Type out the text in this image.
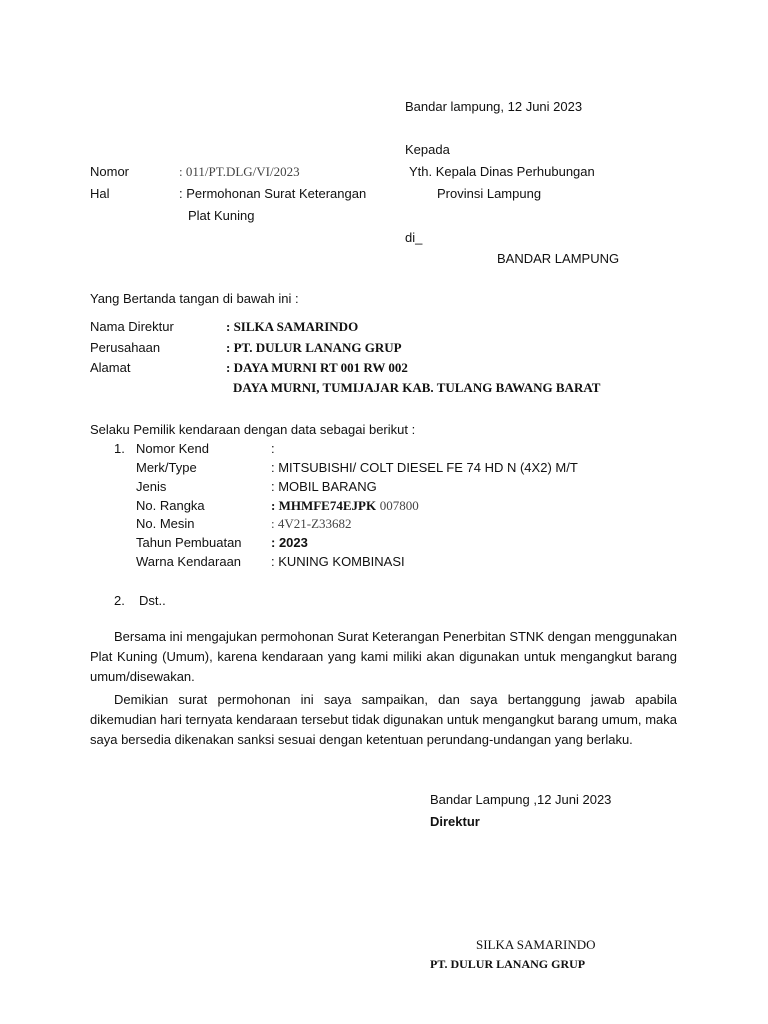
Bandar lampung, 12 Juni 2023
Kepada
Yth. Kepala Dinas Perhubungan
Provinsi Lampung
di_
BANDAR LAMPUNG
Nomor	: 011/PT.DLG/VI/2023
Hal	: Permohonan Surat Keterangan
Plat Kuning
Yang Bertanda tangan di bawah ini :
Nama Direktur	: SILKA SAMARINDO
Perusahaan	: PT. DULUR LANANG GRUP
Alamat	: DAYA MURNI RT 001 RW 002
DAYA MURNI, TUMIJAJAR KAB. TULANG BAWANG BARAT
Selaku Pemilik kendaraan dengan data sebagai berikut :
1. Nomor Kend	:
Merk/Type	: MITSUBISHI/ COLT DIESEL FE 74 HD N (4X2) M/T
Jenis	: MOBIL BARANG
No. Rangka	: MHMFE74EJPK 007800
No. Mesin	: 4V21-Z33682
Tahun Pembuatan : 2023
Warna Kendaraan : KUNING KOMBINASI
2. Dst..
Bersama ini mengajukan permohonan Surat Keterangan Penerbitan STNK dengan menggunakan Plat Kuning (Umum), karena kendaraan yang kami miliki akan digunakan untuk mengangkut barang umum/disewakan.
Demikian surat permohonan ini saya sampaikan, dan saya bertanggung jawab apabila dikemudian hari ternyata kendaraan tersebut tidak digunakan untuk mengangkut barang umum, maka saya bersedia dikenakan sanksi sesuai dengan ketentuan perundang-undangan yang berlaku.
Bandar Lampung ,12 Juni 2023
Direktur
SILKA SAMARINDO
PT. DULUR LANANG GRUP
